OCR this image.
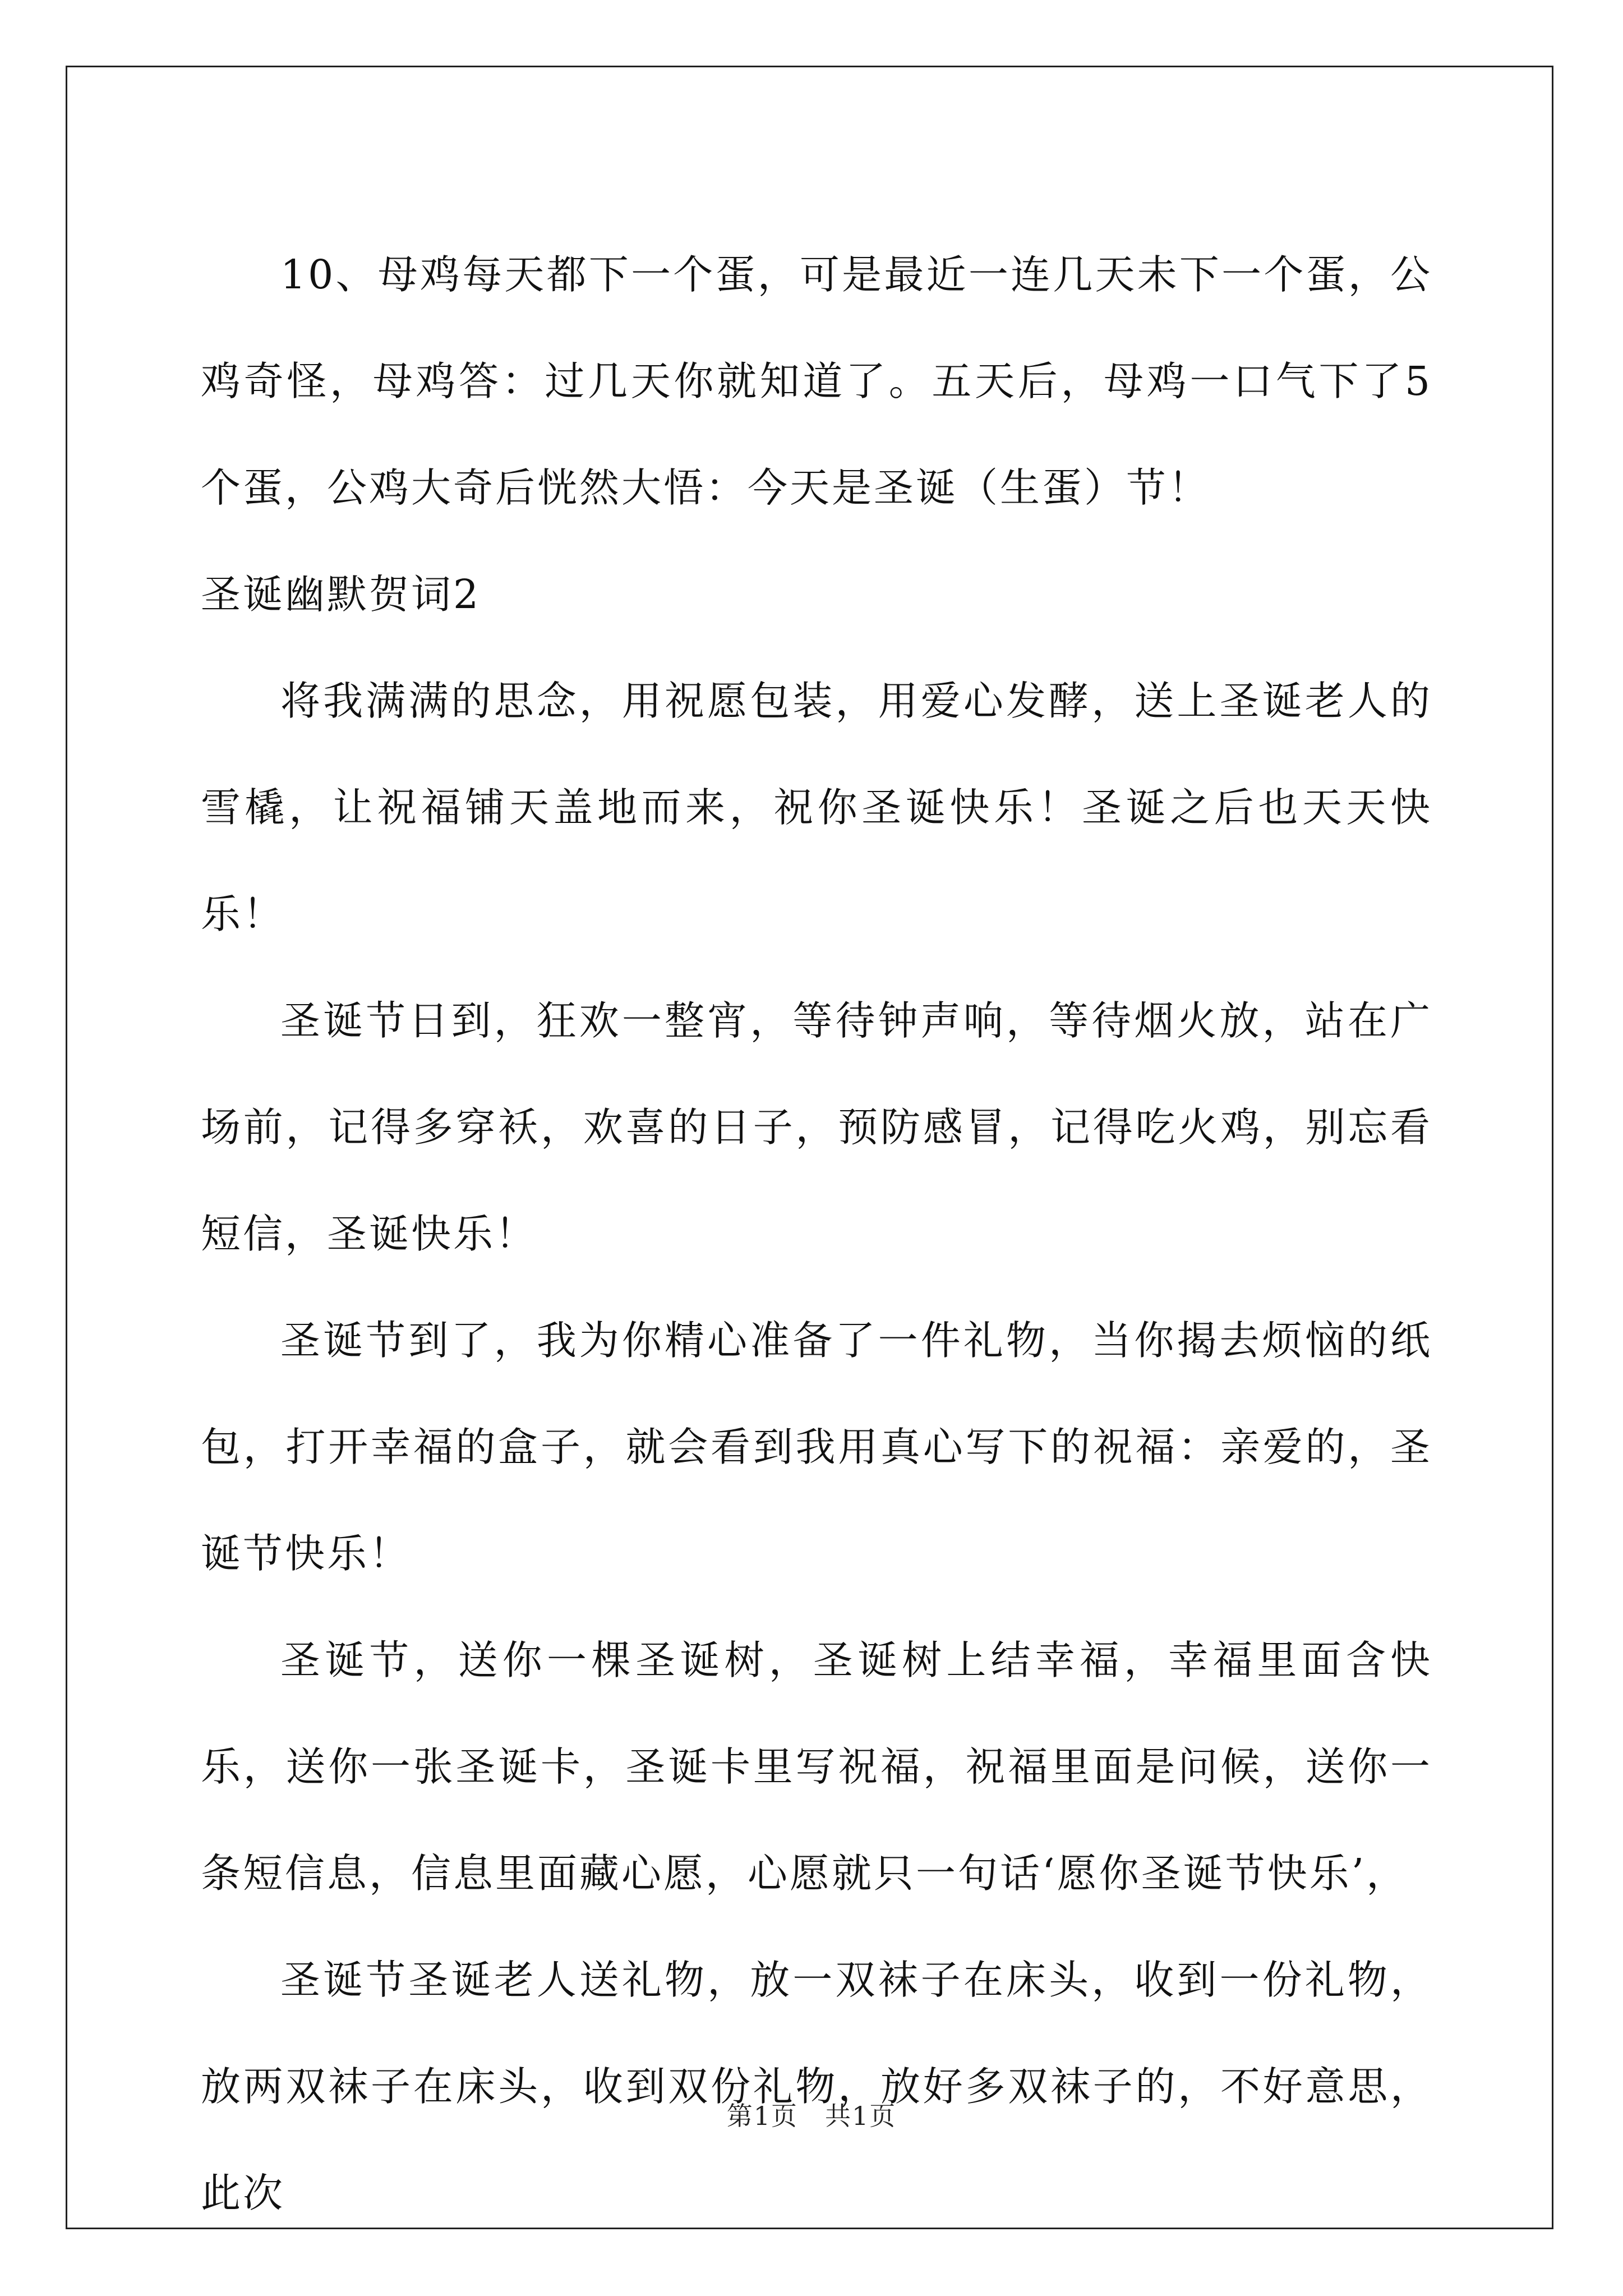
10、母鸡每天都下一个蛋，可是最近一连几天未下一个蛋，公鸡奇怪，母鸡答：过几天你就知道了。五天后，母鸡一口气下了5个蛋，公鸡大奇后恍然大悟：今天是圣诞（生蛋）节！

圣诞幽默贺词2

将我满满的思念，用祝愿包装，用爱心发酵，送上圣诞老人的雪橇，让祝福铺天盖地而来，祝你圣诞快乐！圣诞之后也天天快乐！

圣诞节日到，狂欢一整宵，等待钟声响，等待烟火放，站在广场前，记得多穿袄，欢喜的日子，预防感冒，记得吃火鸡，别忘看短信，圣诞快乐！

圣诞节到了，我为你精心准备了一件礼物，当你揭去烦恼的纸包，打开幸福的盒子，就会看到我用真心写下的祝福：亲爱的，圣诞节快乐！

圣诞节，送你一棵圣诞树，圣诞树上结幸福，幸福里面含快乐，送你一张圣诞卡，圣诞卡里写祝福，祝福里面是问候，送你一条短信息，信息里面藏心愿，心愿就只一句话‘愿你圣诞节快乐’，

圣诞节圣诞老人送礼物，放一双袜子在床头，收到一份礼物，放两双袜子在床头，收到双份礼物，放好多双袜子的，不好意思，此次

第1页　共1页
